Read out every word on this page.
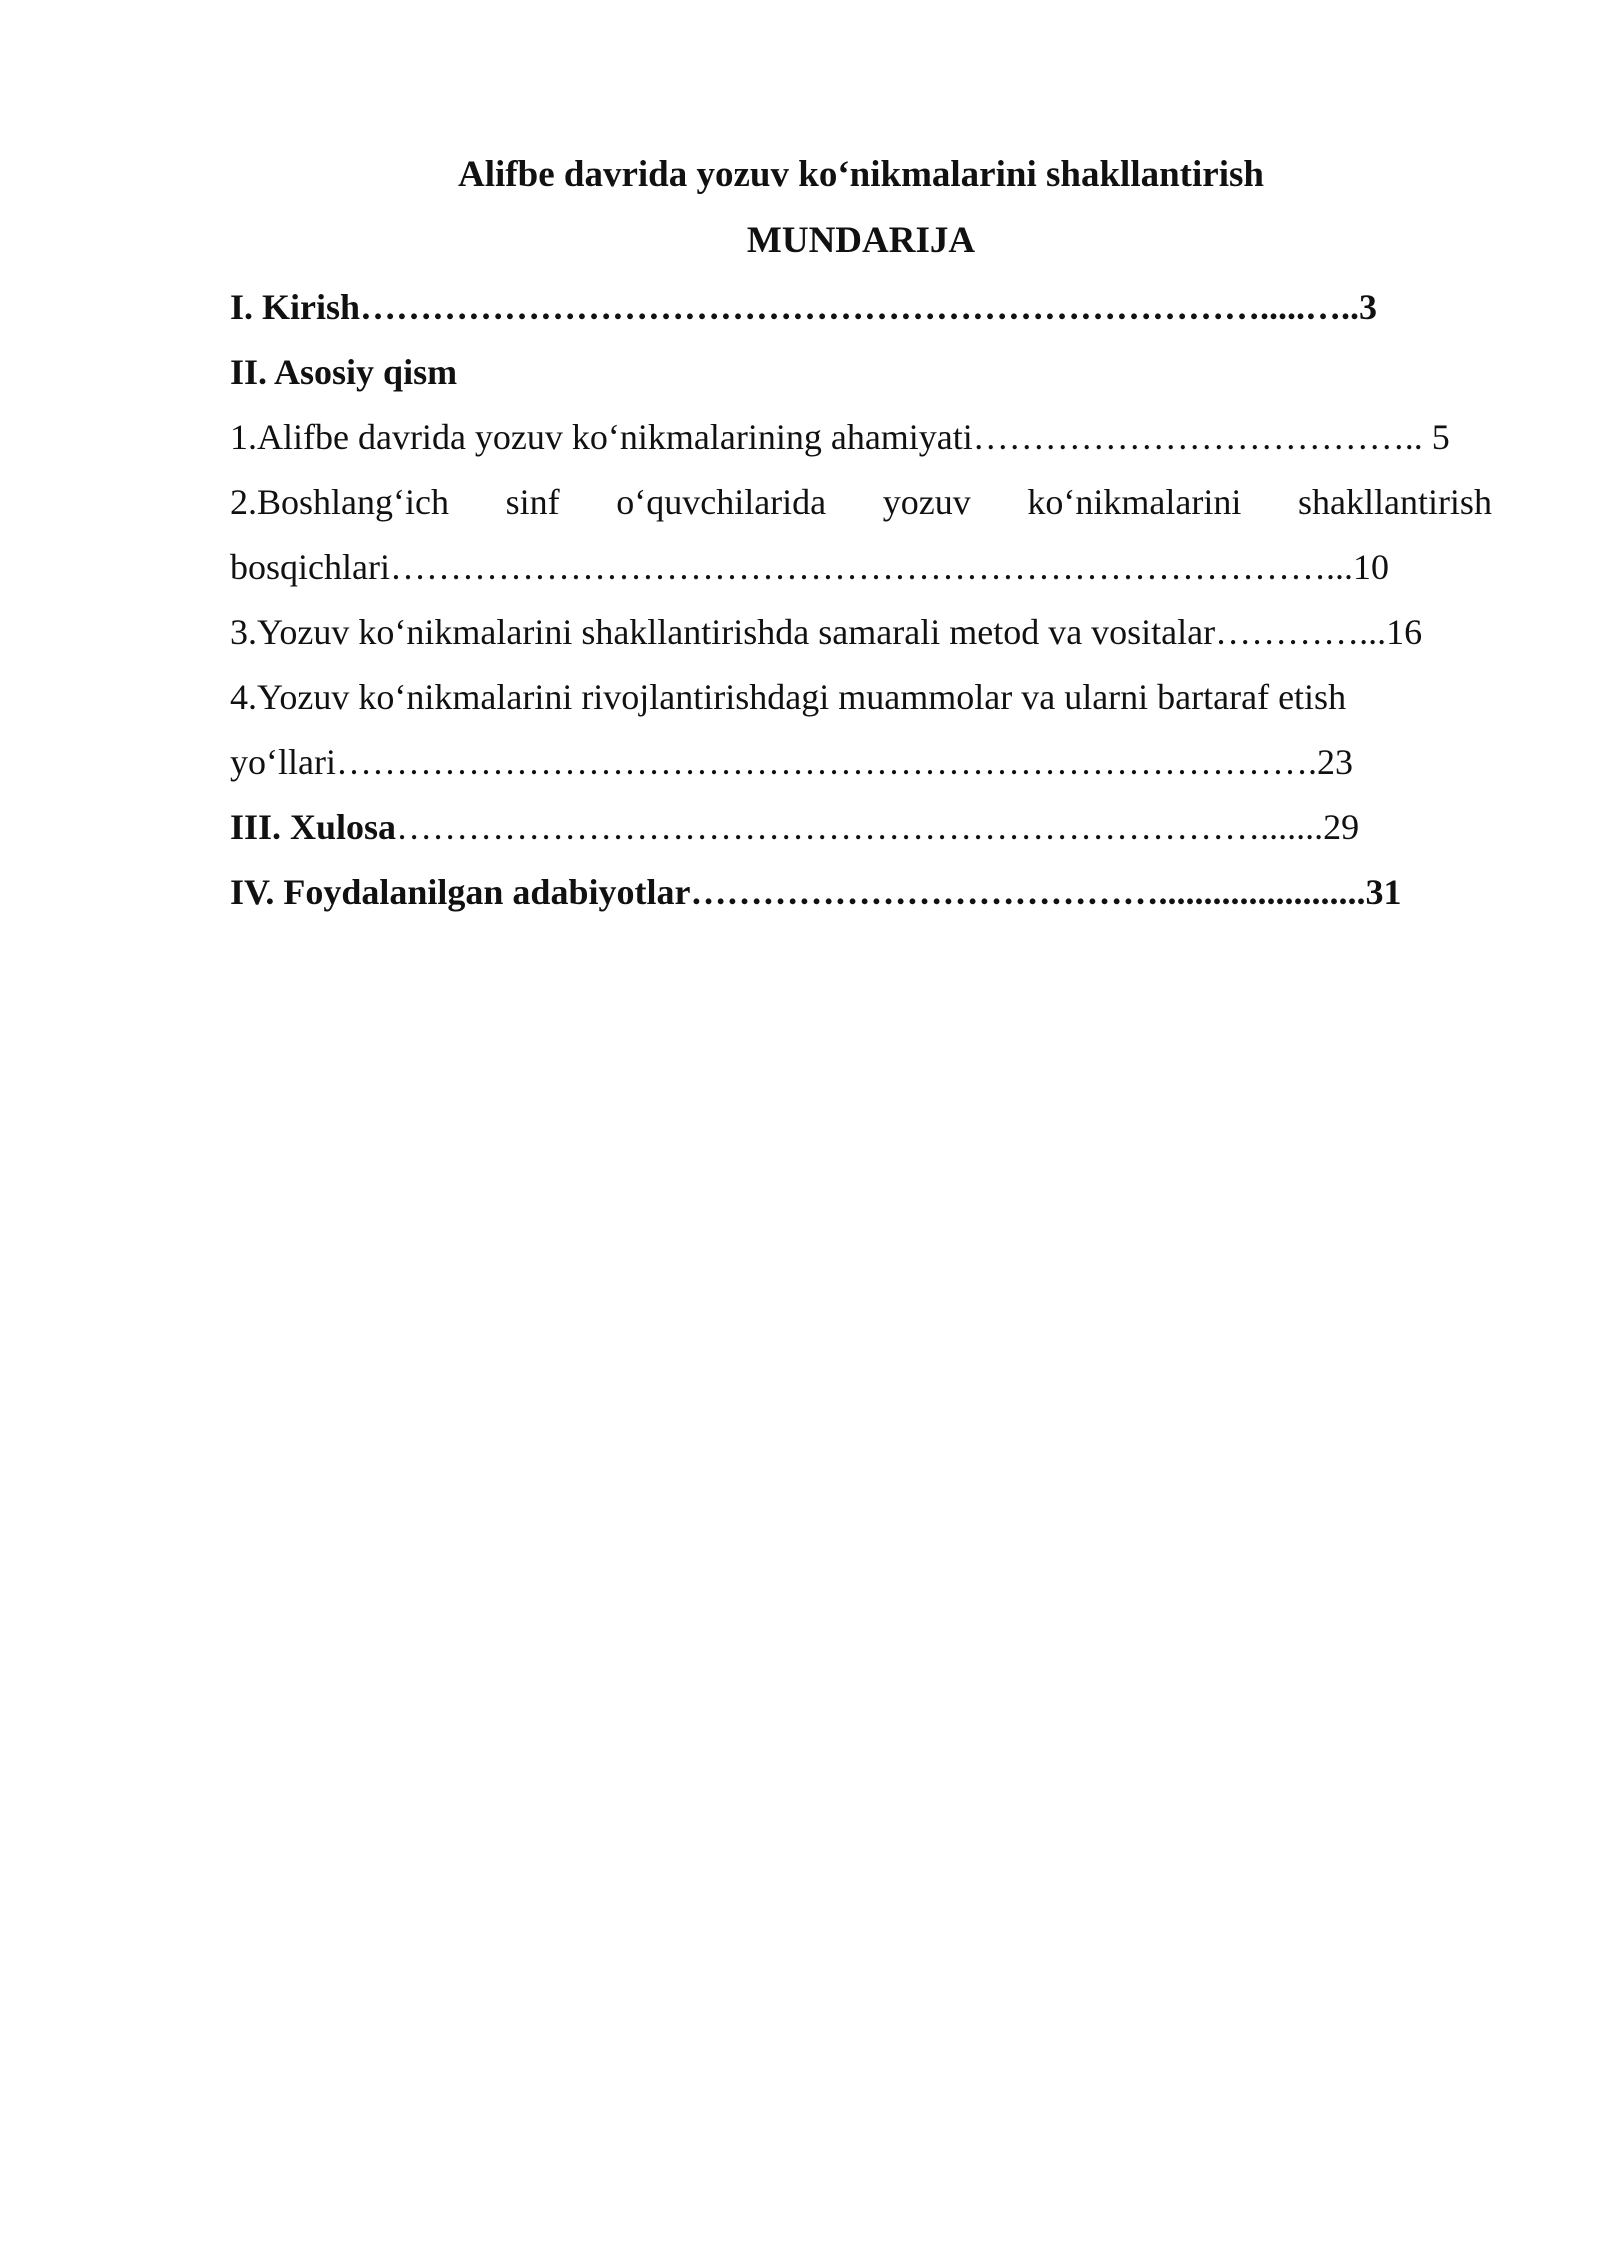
Alifbe davrida yozuv ko‘nikmalarini shakllantirish
MUNDARIJA
I. Kirish………………………………………………………………….....…..3
II. Asosiy qism
1.Alifbe davrida yozuv ko‘nikmalarining ahamiyati……………………………….. 5
2.Boshlang‘ich sinf o‘quvchilarida yozuv ko‘nikmalarini shakllantirish
bosqichlari……………………………………………………………………...10
3.Yozuv ko‘nikmalarini shakllantirishda samarali metod va vositalar…………...16
4.Yozuv ko‘nikmalarini rivojlantirishdagi muammolar va ularni bartaraf etish
yo‘llari……………………………………………………………………….23
III. Xulosa……………………………………………………………….......29
IV. Foydalanilgan adabiyotlar………………………………….......................31
